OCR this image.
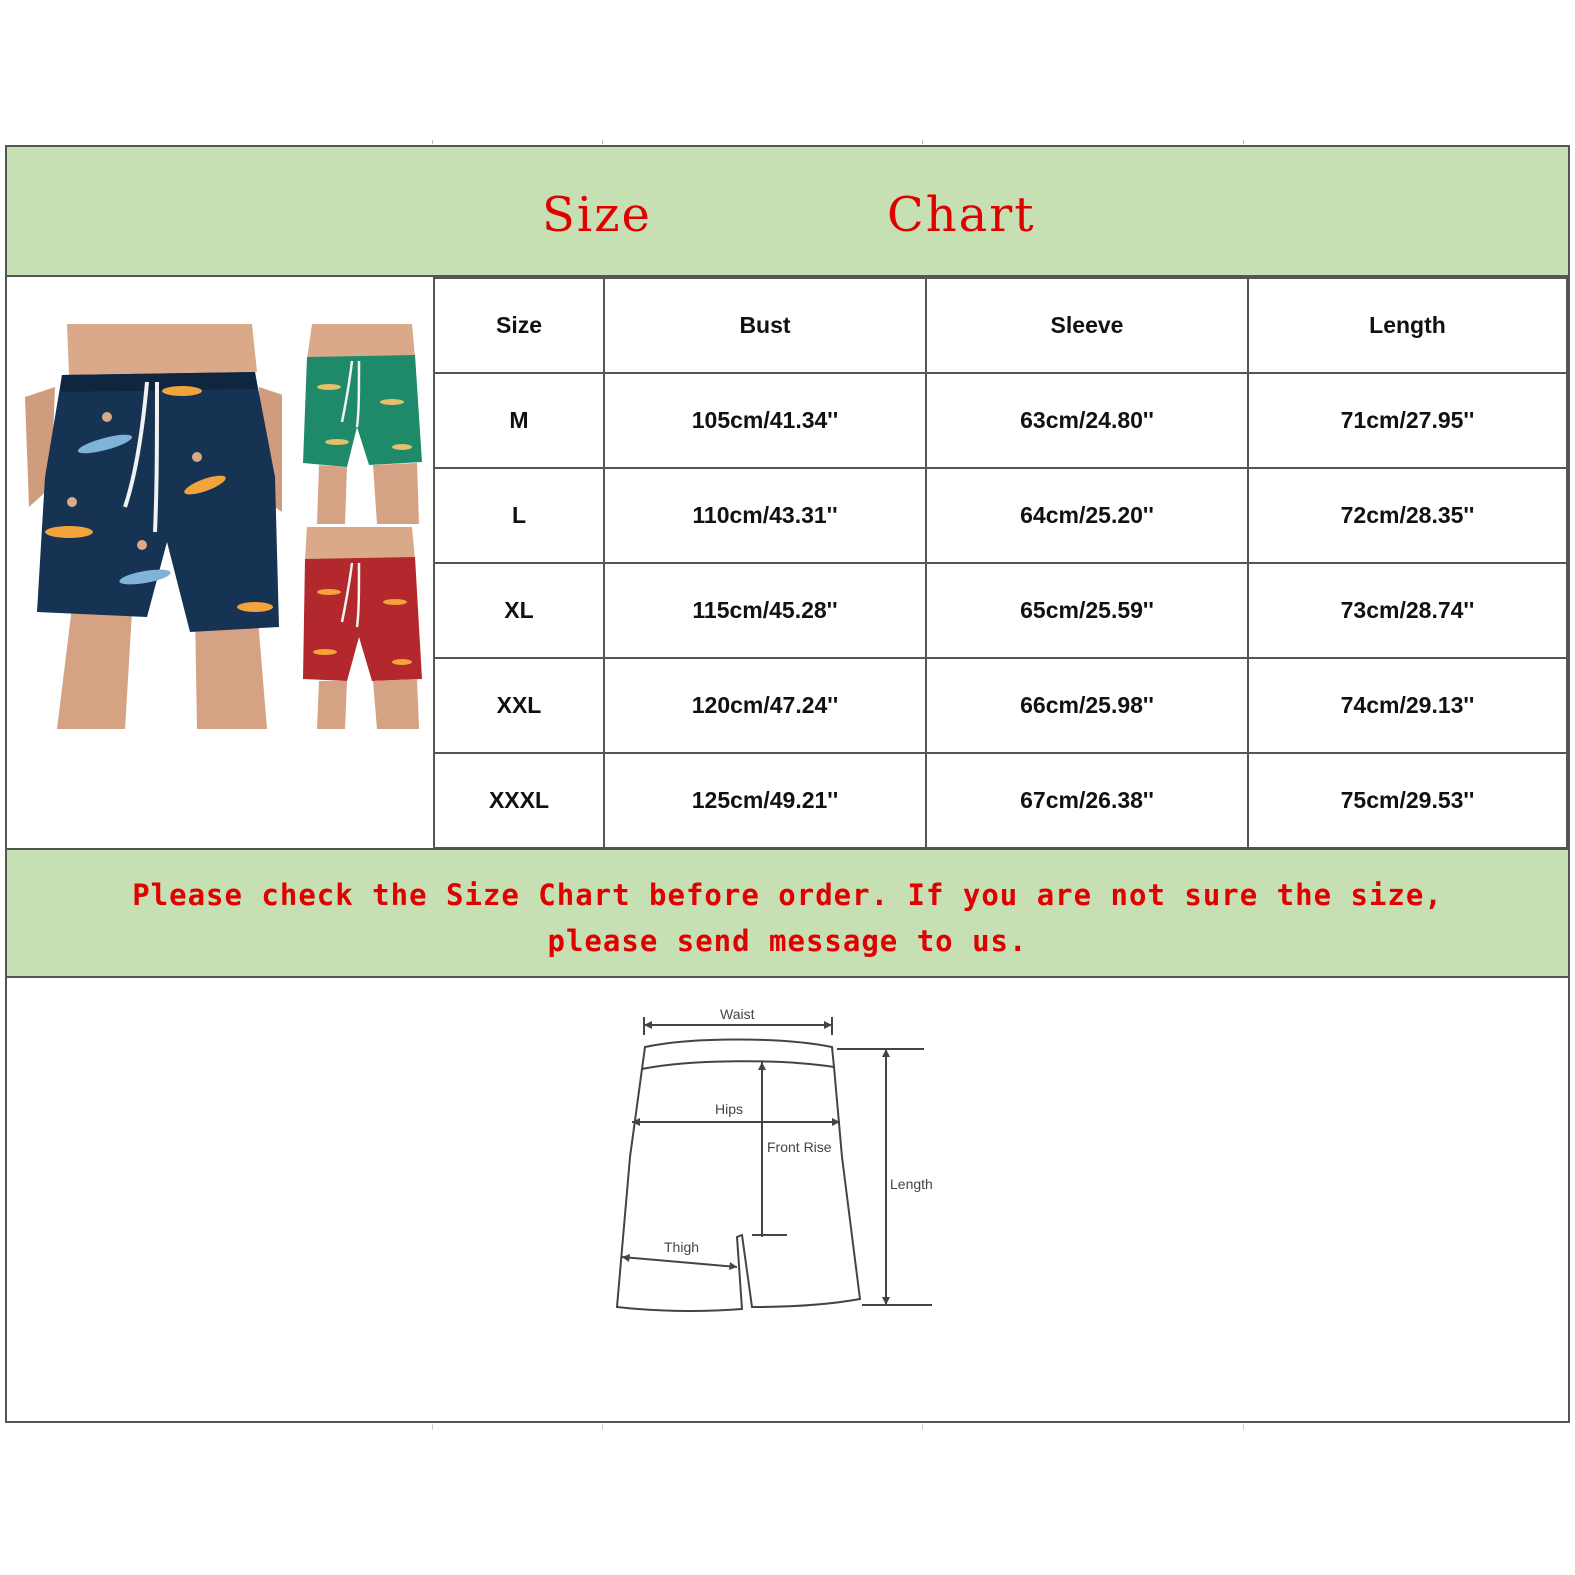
Size	Chart
Size	Bust	Sleeve	Length
M	105cm/41.34''	63cm/24.80''	71cm/27.95''
L	110cm/43.31''	64cm/25.20''	72cm/28.35''
XL	115cm/45.28''	65cm/25.59''	73cm/28.74''
XXL	120cm/47.24''	66cm/25.98''	74cm/29.13''
XXXL	125cm/49.21''	67cm/26.38''	75cm/29.53''

Please check the Size Chart before order. If you are not sure the size,

please send message to us.

Waist
Hips
Front Rise
Length
Thigh
